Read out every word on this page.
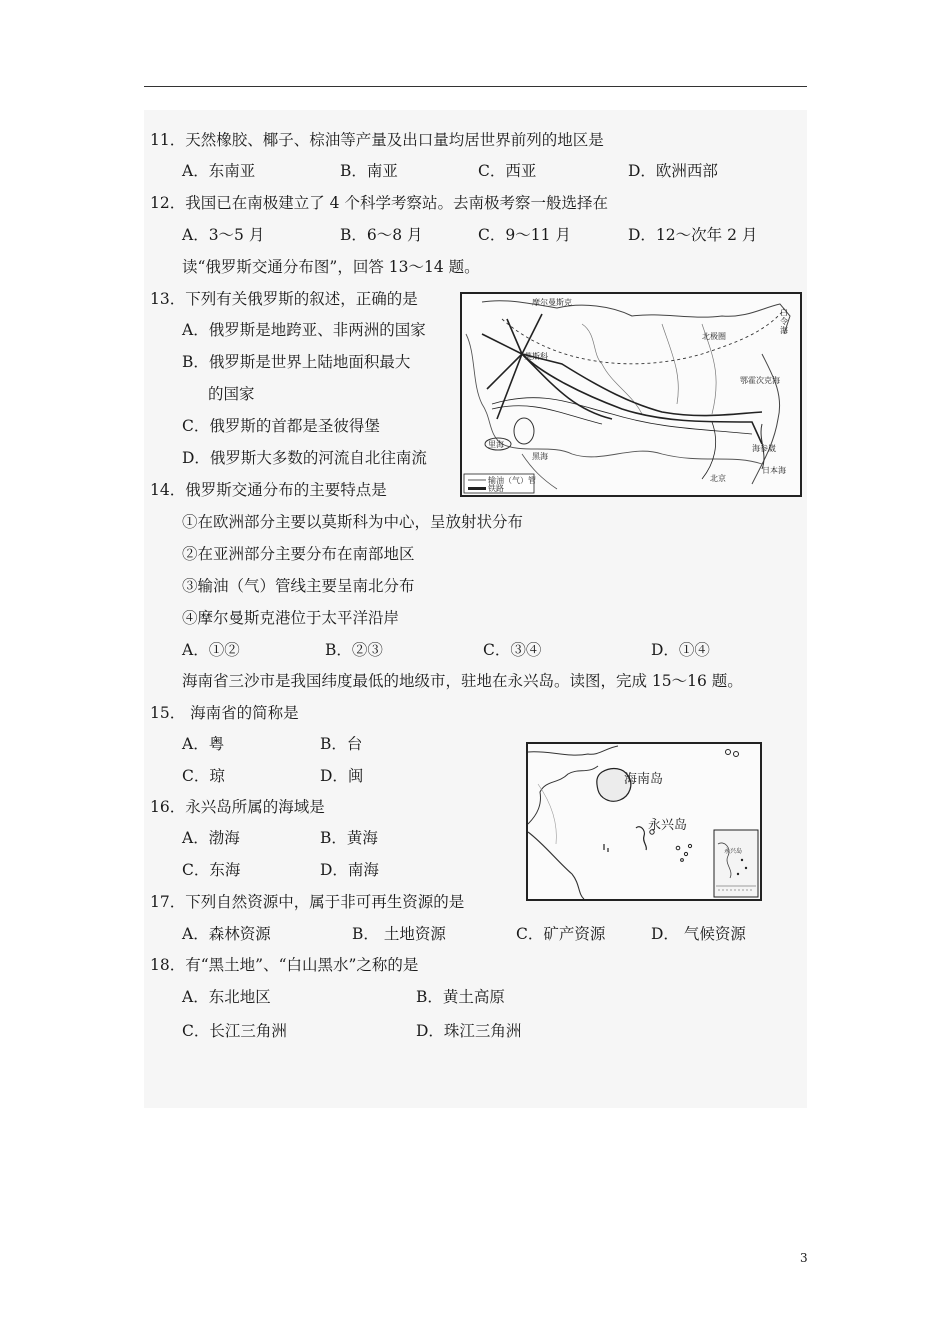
11．天然橡胶、椰子、棕油等产量及出口量均居世界前列的地区是
A．东南亚	B．南亚	C．西亚	D．欧洲西部
12．我国已在南极建立了 4 个科学考察站。去南极考察一般选择在
A．3～5 月	B．6～8 月	C．9～11 月	D．12～次年 2 月
读“俄罗斯交通分布图”，回答 13～14 题。
13．下列有关俄罗斯的叙述，正确的是
A．俄罗斯是地跨亚、非两洲的国家
B．俄罗斯是世界上陆地面积最大
的国家
C．俄罗斯的首都是圣彼得堡
D．俄罗斯大多数的河流自北往南流
摩尔曼斯克
莫斯科
北极圈
白令海
鄂霍次克海
海参崴
日本海
北京
里海
黑海
输油（气）管
铁路
14．俄罗斯交通分布的主要特点是
①在欧洲部分主要以莫斯科为中心，呈放射状分布
②在亚洲部分主要分布在南部地区
③输油（气）管线主要呈南北分布
④摩尔曼斯克港位于太平洋沿岸
A．①②	B．②③	C．③④	D．①④
海南省三沙市是我国纬度最低的地级市，驻地在永兴岛。读图，完成 15～16 题。
15． 海南省的简称是
A．粤	B．台
C．琼	D．闽	海南岛
永兴岛
永兴岛
16．永兴岛所属的海域是
A．渤海	B．黄海
C．东海	D．南海
17．下列自然资源中，属于非可再生资源的是
A．森林资源	B． 土地资源	C．矿产资源	D． 气候资源
18．有“黑土地”、“白山黑水”之称的是
A．东北地区	B．黄土高原
C．长江三角洲	D．珠江三角洲
3
